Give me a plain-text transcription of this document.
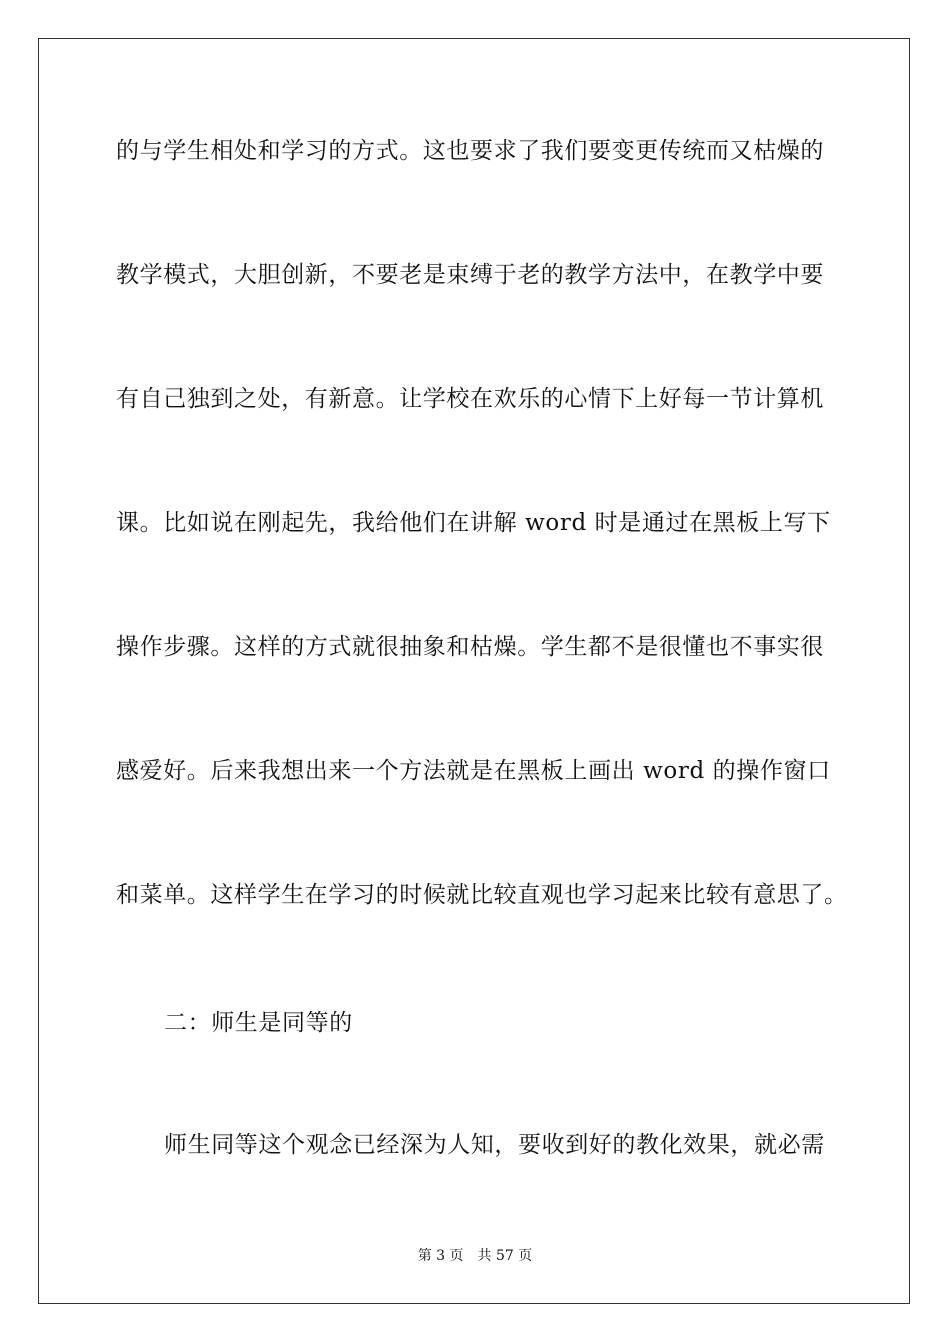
的与学生相处和学习的方式。这也要求了我们要变更传统而又枯燥的
教学模式，大胆创新，不要老是束缚于老的教学方法中，在教学中要
有自己独到之处，有新意。让学校在欢乐的心情下上好每一节计算机
课。比如说在刚起先，我给他们在讲解 word 时是通过在黑板上写下
操作步骤。这样的方式就很抽象和枯燥。学生都不是很懂也不事实很
感爱好。后来我想出来一个方法就是在黑板上画出 word 的操作窗口
和菜单。这样学生在学习的时候就比较直观也学习起来比较有意思了。
二：师生是同等的
师生同等这个观念已经深为人知，要收到好的教化效果，就必需
第 3 页 共 57 页
